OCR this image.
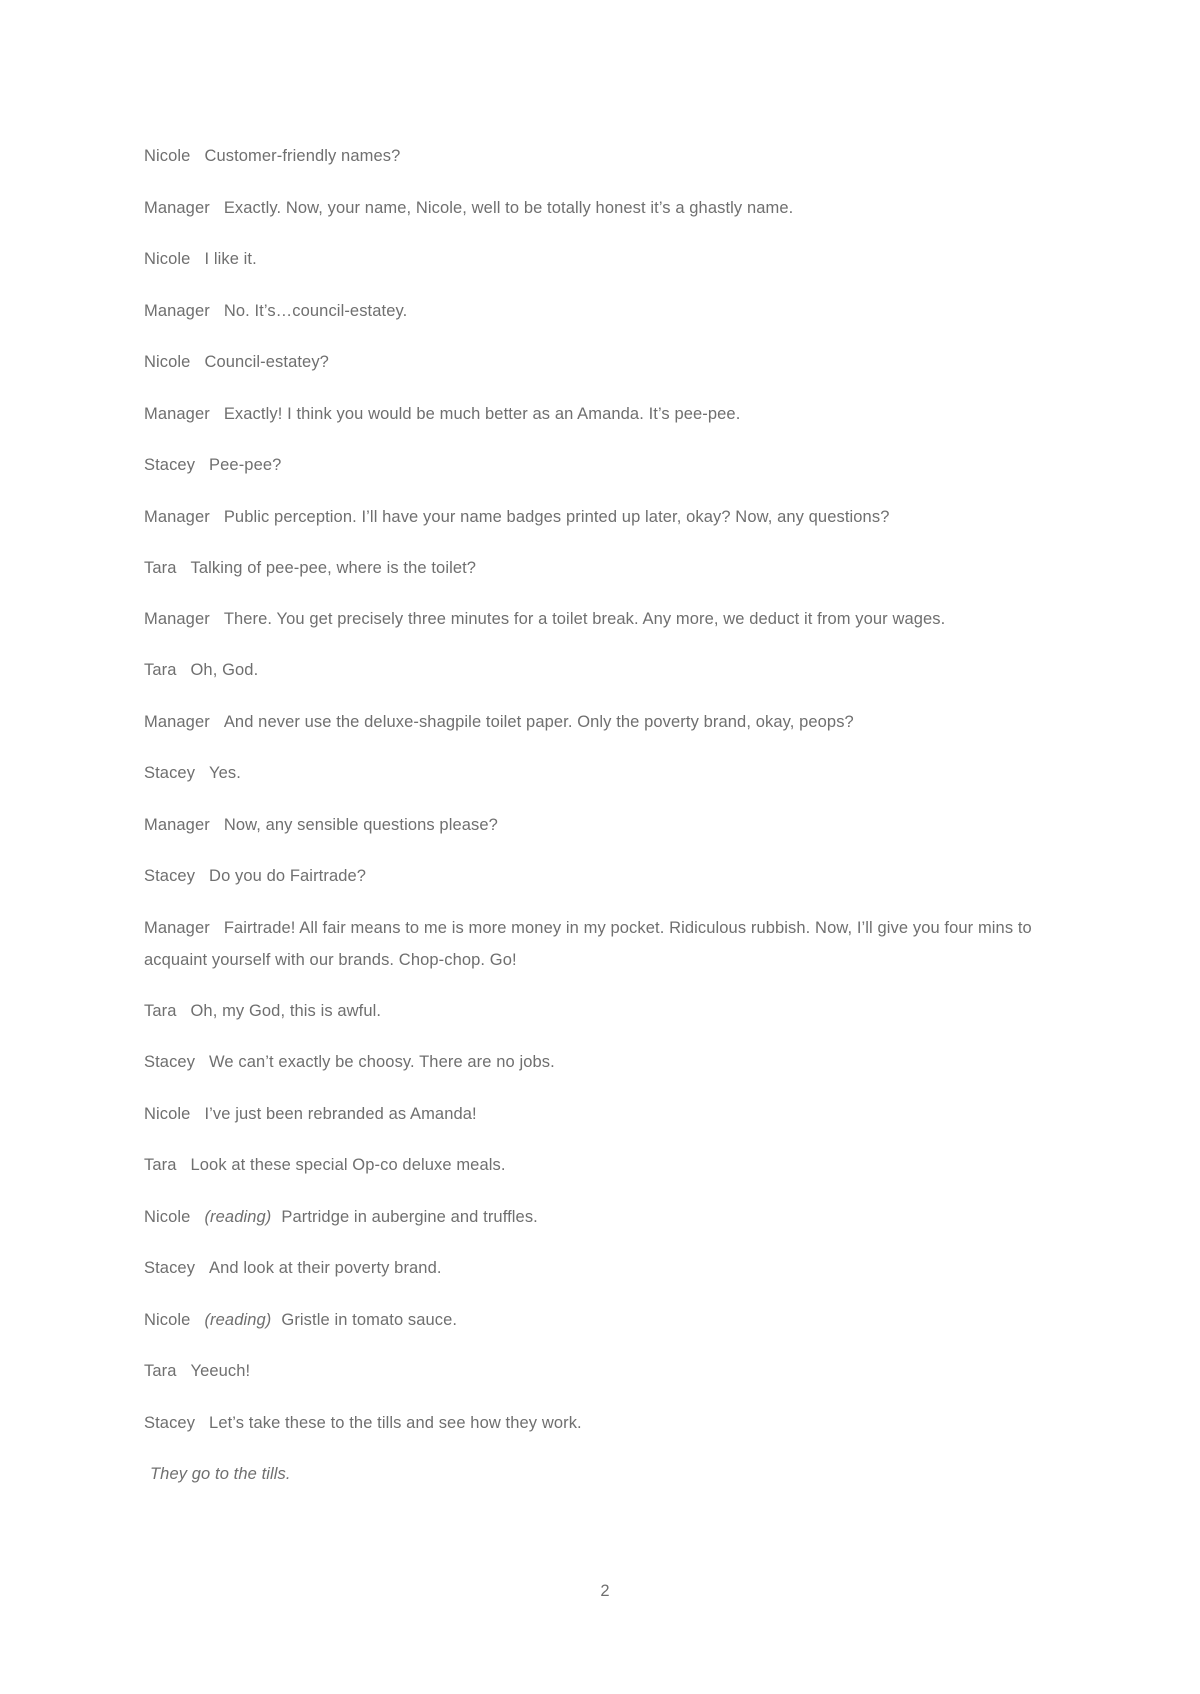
Nicole Customer-friendly names?

Manager Exactly. Now, your name, Nicole, well to be totally honest it’s a ghastly name.

Nicole I like it.

Manager No. It’s…council-estatey.

Nicole Council-estatey?

Manager Exactly! I think you would be much better as an Amanda. It’s pee-pee.

Stacey Pee-pee?

Manager Public perception. I’ll have your name badges printed up later, okay? Now, any questions?

Tara Talking of pee-pee, where is the toilet?

Manager There. You get precisely three minutes for a toilet break. Any more, we deduct it from your wages.

Tara Oh, God.

Manager And never use the deluxe-shagpile toilet paper. Only the poverty brand, okay, peops?

Stacey Yes.

Manager Now, any sensible questions please?

Stacey Do you do Fairtrade?

Manager Fairtrade! All fair means to me is more money in my pocket. Ridiculous rubbish. Now, I’ll give you four mins to acquaint yourself with our brands. Chop-chop. Go!

Tara Oh, my God, this is awful.

Stacey We can’t exactly be choosy. There are no jobs.

Nicole I’ve just been rebranded as Amanda!

Tara Look at these special Op-co deluxe meals.

Nicole (reading) Partridge in aubergine and truffles.

Stacey And look at their poverty brand.

Nicole (reading) Gristle in tomato sauce.

Tara Yeeuch!

Stacey Let’s take these to the tills and see how they work.

They go to the tills.

2
